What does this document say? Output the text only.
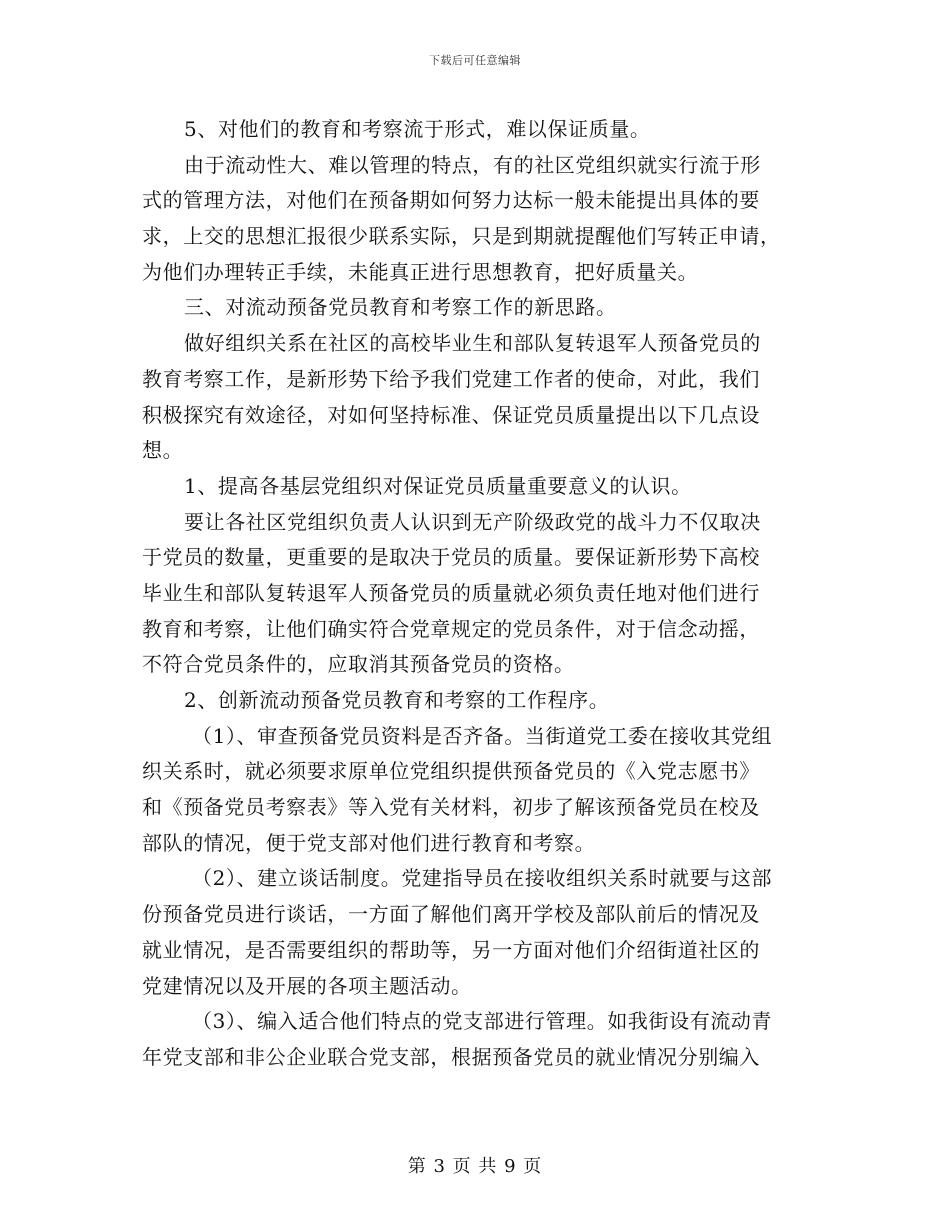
下载后可任意编辑
5、对他们的教育和考察流于形式，难以保证质量。
由于流动性大、难以管理的特点，有的社区党组织就实行流于形
式的管理方法，对他们在预备期如何努力达标一般未能提出具体的要
求，上交的思想汇报很少联系实际，只是到期就提醒他们写转正申请，
为他们办理转正手续，未能真正进行思想教育，把好质量关。
三、对流动预备党员教育和考察工作的新思路。
做好组织关系在社区的高校毕业生和部队复转退军人预备党员的
教育考察工作，是新形势下给予我们党建工作者的使命，对此，我们
积极探究有效途径，对如何坚持标准、保证党员质量提出以下几点设
想。
1、提高各基层党组织对保证党员质量重要意义的认识。
要让各社区党组织负责人认识到无产阶级政党的战斗力不仅取决
于党员的数量，更重要的是取决于党员的质量。要保证新形势下高校
毕业生和部队复转退军人预备党员的质量就必须负责任地对他们进行
教育和考察，让他们确实符合党章规定的党员条件，对于信念动摇，
不符合党员条件的，应取消其预备党员的资格。
2、创新流动预备党员教育和考察的工作程序。
（1）、审查预备党员资料是否齐备。当街道党工委在接收其党组
织关系时，就必须要求原单位党组织提供预备党员的《入党志愿书》
和《预备党员考察表》等入党有关材料，初步了解该预备党员在校及
部队的情况，便于党支部对他们进行教育和考察。
（2）、建立谈话制度。党建指导员在接收组织关系时就要与这部
份预备党员进行谈话，一方面了解他们离开学校及部队前后的情况及
就业情况，是否需要组织的帮助等，另一方面对他们介绍街道社区的
党建情况以及开展的各项主题活动。
（3）、编入适合他们特点的党支部进行管理。如我街设有流动青
年党支部和非公企业联合党支部，根据预备党员的就业情况分别编入
第 3 页 共 9 页
